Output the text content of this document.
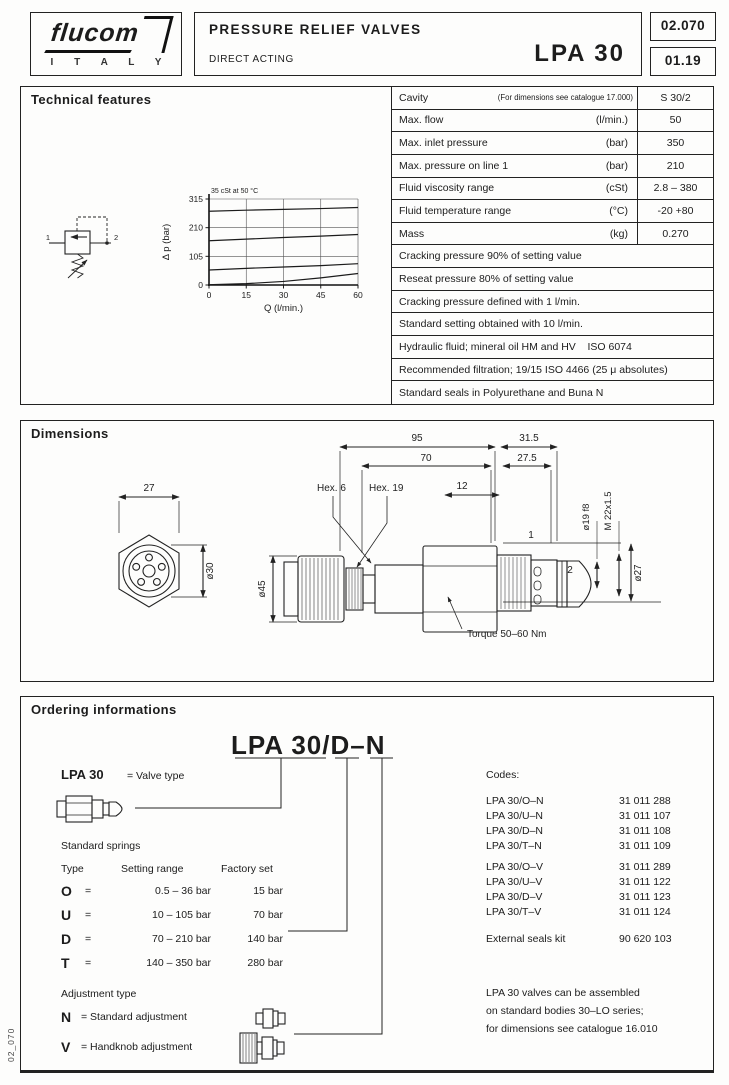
flucom
I T A L Y
PRESSURE RELIEF VALVES
DIRECT ACTING	LPA 30
02.070
01.19
Technical features
1	2
0	15	30	45	60
0
105
210
315
35 cSt at 50 °C
Q (l/min.)
Δ p (bar)
Cavity	(For dimensions see catalogue 17.000)	S 30/2
Max. flow	(l/min.)	50
Max. inlet pressure	(bar)	350
Max. pressure on line 1	(bar)	210
Fluid viscosity range	(cSt)	2.8 – 380
Fluid temperature range	(°C)	-20 +80
Mass	(kg)	0.270
Cracking pressure 90% of setting value
Reseat pressure 80% of setting value
Cracking pressure defined with 1 l/min.
Standard setting obtained with 10 l/min.
Hydraulic fluid; mineral oil HM and HV    ISO 6074
Recommended filtration; 19/15 ISO 4466 (25 μ absolutes)
Standard seals in Polyurethane and Buna N
Dimensions
27
ø30
95	31.5
70	27.5
Hex. 6 Hex. 19	12
ø45
ø19 f8 M 22x1.5
ø27
1
2
Torque 50–60 Nm
Ordering informations
LPA 30/D–N
LPA 30 = Valve type
Standard springs
Type	Setting range	Factory set
O =	0.5 – 36 bar	15 bar
U =	10 – 105 bar	70 bar
D =	70 – 210 bar	140 bar
T =	140 – 350 bar	280 bar
Adjustment type
N = Standard adjustment
V = Handknob adjustment
Codes:
LPA 30/O–N	31 011 288
LPA 30/U–N	31 011 107
LPA 30/D–N	31 011 108
LPA 30/T–N	31 011 109
LPA 30/O–V	31 011 289
LPA 30/U–V	31 011 122
LPA 30/D–V	31 011 123
LPA 30/T–V	31 011 124
External seals kit	90 620 103
LPA 30 valves can be assembled
on standard bodies 30–LO series;
for dimensions see catalogue 16.010
02_070
